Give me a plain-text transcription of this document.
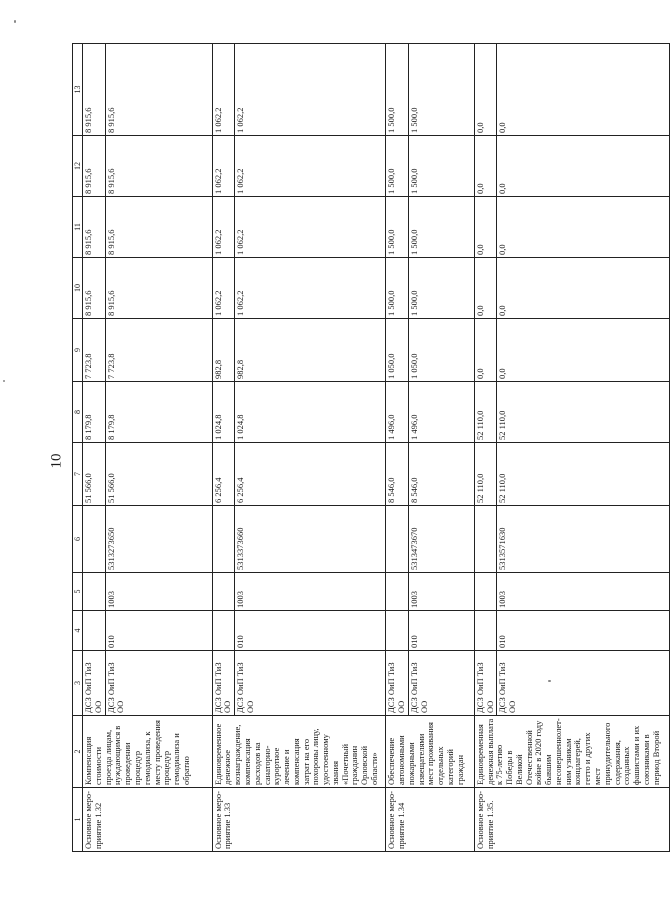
10
1	2	3	4	5	6	7	8	9	10	11	12	13
Основное меро-приятие 1.32	Компенсация стоимости проезда лицам, нуждающимся в проведении процедур гемодиализа, к месту проведения процедур гемодиализа и обратно	ДСЗ ОиП ТиЗ ОО				51 566,0	8 179,8	7 723,8	8 915,6	8 915,6	8 915,6	8 915,6
		ДСЗ ОиП ТиЗ ОО	010	1003	5313273650	51 566,0	8 179,8	7 723,8	8 915,6	8 915,6	8 915,6	8 915,6
Основное меро-приятие 1.33	Единовременное денежное вознаграждение, компенсация расходов на санаторно-курортное лечение и компенсация затрат на его похороны лицу, удостоенному звания «Почетный гражданин Орловской области»	ДСЗ ОиП ТиЗ ОО				6 256,4	1 024,8	982,8	1 062,2	1 062,2	1 062,2	1 062,2
		ДСЗ ОиП ТиЗ ОО	010	1003	5313373660	6 256,4	1 024,8	982,8	1 062,2	1 062,2	1 062,2	1 062,2
Основное меро-приятие 1.34	Обеспечение автономными пожарными извещателями мест проживания отдельных категорий граждан	ДСЗ ОиП ТиЗ ОО				8 546,0	1 496,0	1 050,0	1 500,0	1 500,0	1 500,0	1 500,0
		ДСЗ ОиП ТиЗ ОО	010	1003	5313473670	8 546,0	1 496,0	1 050,0	1 500,0	1 500,0	1 500,0	1 500,0
Основное меро-приятие 1.35.	Единовременная денежная выплата к 75-летию Победы в Великой Отечественной войне в 2020 году бывшим несовершеннолет-ним узникам концлагерей, гетто и других мест принудительного содержания, созданных фашистами и их союзниками в период Второй	ДСЗ ОиП ТиЗ ОО				52 110,0	52 110,0	0,0	0,0	0,0	0,0	0,0
		ДСЗ ОиП ТиЗ ОО	010	1003	5313571630	52 110,0	52 110,0	0,0	0,0	0,0	0,0	0,0
